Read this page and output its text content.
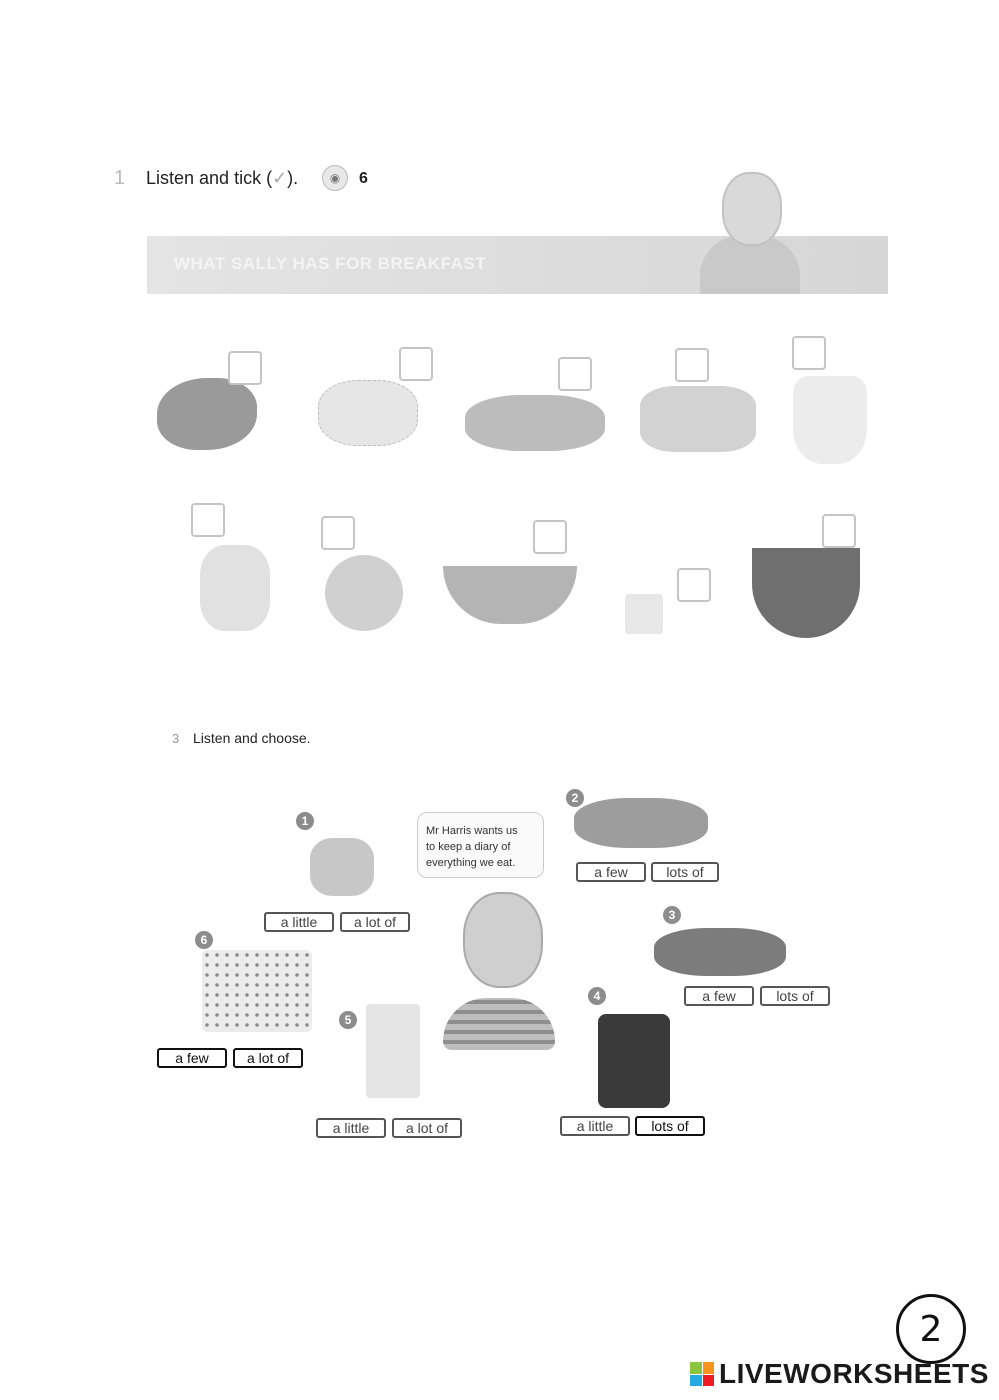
1 Listen and tick (✓).	◉	6
WHAT SALLY HAS FOR BREAKFAST
3 Listen and choose.
Mr Harris wants us
to keep a diary of
everything we eat.
1
a little	a lot of
2
a few	lots of
3
a few	lots of
4
a little	lots of
5
a little	a lot of
6
a few	a lot of
2
LIVEWORKSHEETS
